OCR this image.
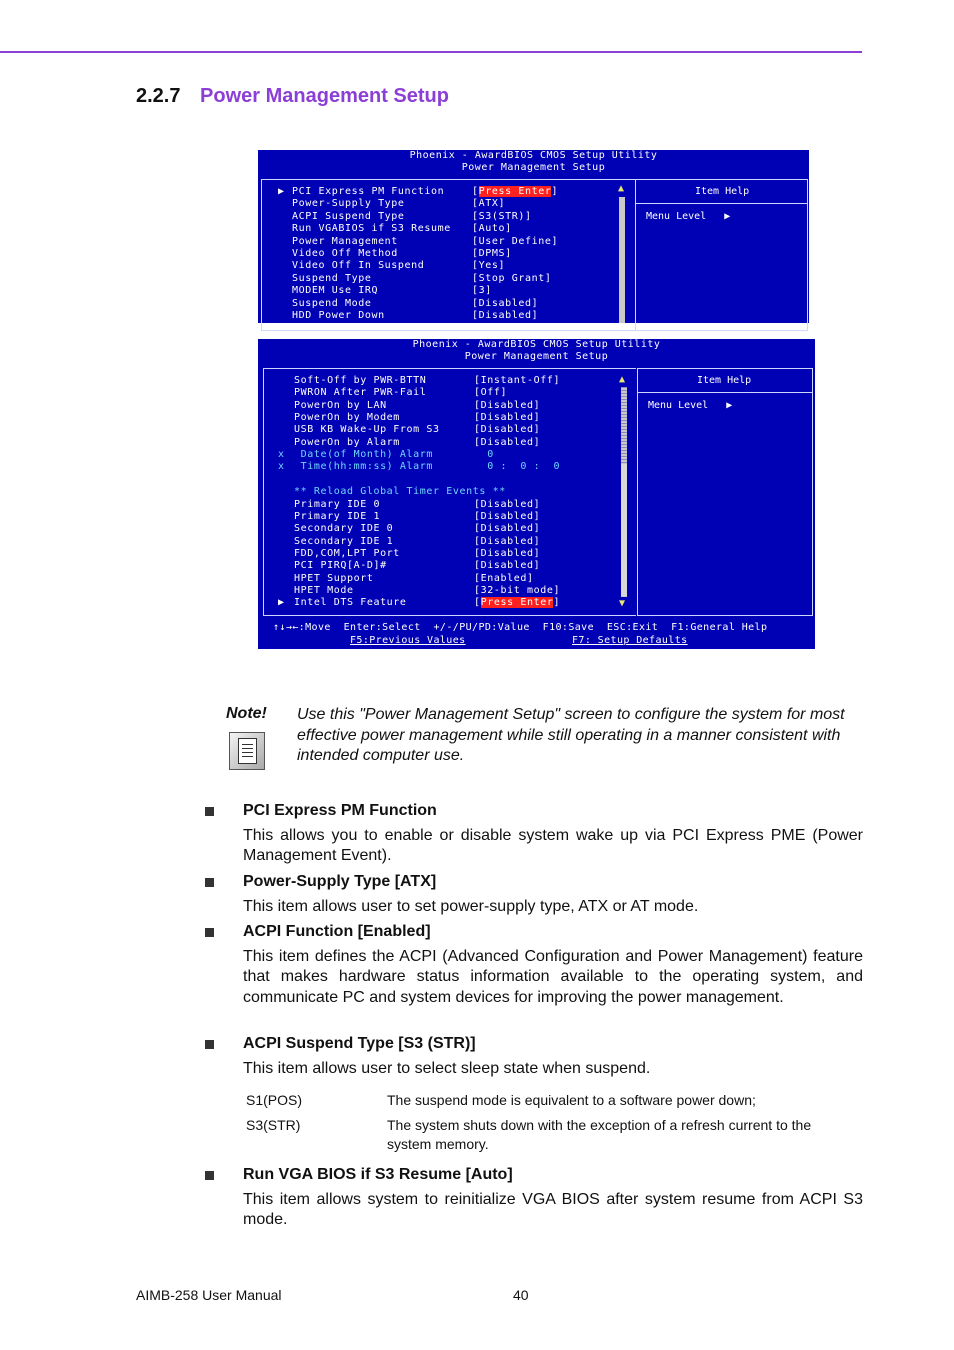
2.2.7 Power Management Setup
Phoenix - AwardBIOS CMOS Setup Utility
Power Management Setup
▲
▶ PCI Express PM Function	[Press Enter]
Power-Supply Type	[ATX]
ACPI Suspend Type	[S3(STR)]
Run VGABIOS if S3 Resume [Auto]
Power Management	[User Define]
Video Off Method	[DPMS]
Video Off In Suspend	[Yes]
Suspend Type	[Stop Grant]
MODEM Use IRQ	[3]
Suspend Mode	[Disabled]
HDD Power Down	[Disabled]
Item Help
Menu Level   ▶
Phoenix - AwardBIOS CMOS Setup Utility
Power Management Setup
▲
▼
Soft-Off by PWR-BTTN	[Instant-Off]
PWRON After PWR-Fail	[Off]
PowerOn by LAN	[Disabled]
PowerOn by Modem	[Disabled]
USB KB Wake-Up From S3	[Disabled]
PowerOn by Alarm	[Disabled]
x Date(of Month) Alarm	0
x Time(hh:mm:ss) Alarm	0 :  0 :  0
** Reload Global Timer Events **
Primary IDE 0	[Disabled]
Primary IDE 1	[Disabled]
Secondary IDE 0	[Disabled]
Secondary IDE 1	[Disabled]
FDD,COM,LPT Port	[Disabled]
PCI PIRQ[A-D]#	[Disabled]
HPET Support	[Enabled]
HPET Mode	[32-bit mode]
▶ Intel DTS Feature	[Press Enter]
Item Help
Menu Level   ▶
↑↓→←:Move  Enter:Select  +/-/PU/PD:Value  F10:Save  ESC:Exit  F1:General Help
F5:Previous Values	F7: Setup Defaults
Note! Use this "Power Management Setup" screen to configure the system for most effective power management while still operating in a manner consistent with intended computer use.
PCI Express PM Function
This allows you to enable or disable system wake up via PCI Express PME (Power Management Event).
Power-Supply Type [ATX]
This item allows user to set power-supply type, ATX or AT mode.
ACPI Function [Enabled]
This item defines the ACPI (Advanced Configuration and Power Management) feature that makes hardware status information available to the operating system, and communicate PC and system devices for improving the power management.
ACPI Suspend Type [S3 (STR)]
This item allows user to select sleep state when suspend.
S1(POS)	The suspend mode is equivalent to a software power down;
S3(STR)	The system shuts down with the exception of a refresh current to the system memory.
Run VGA BIOS if S3 Resume [Auto]
This item allows system to reinitialize VGA BIOS after system resume from ACPI S3 mode.
AIMB-258 User Manual	40
